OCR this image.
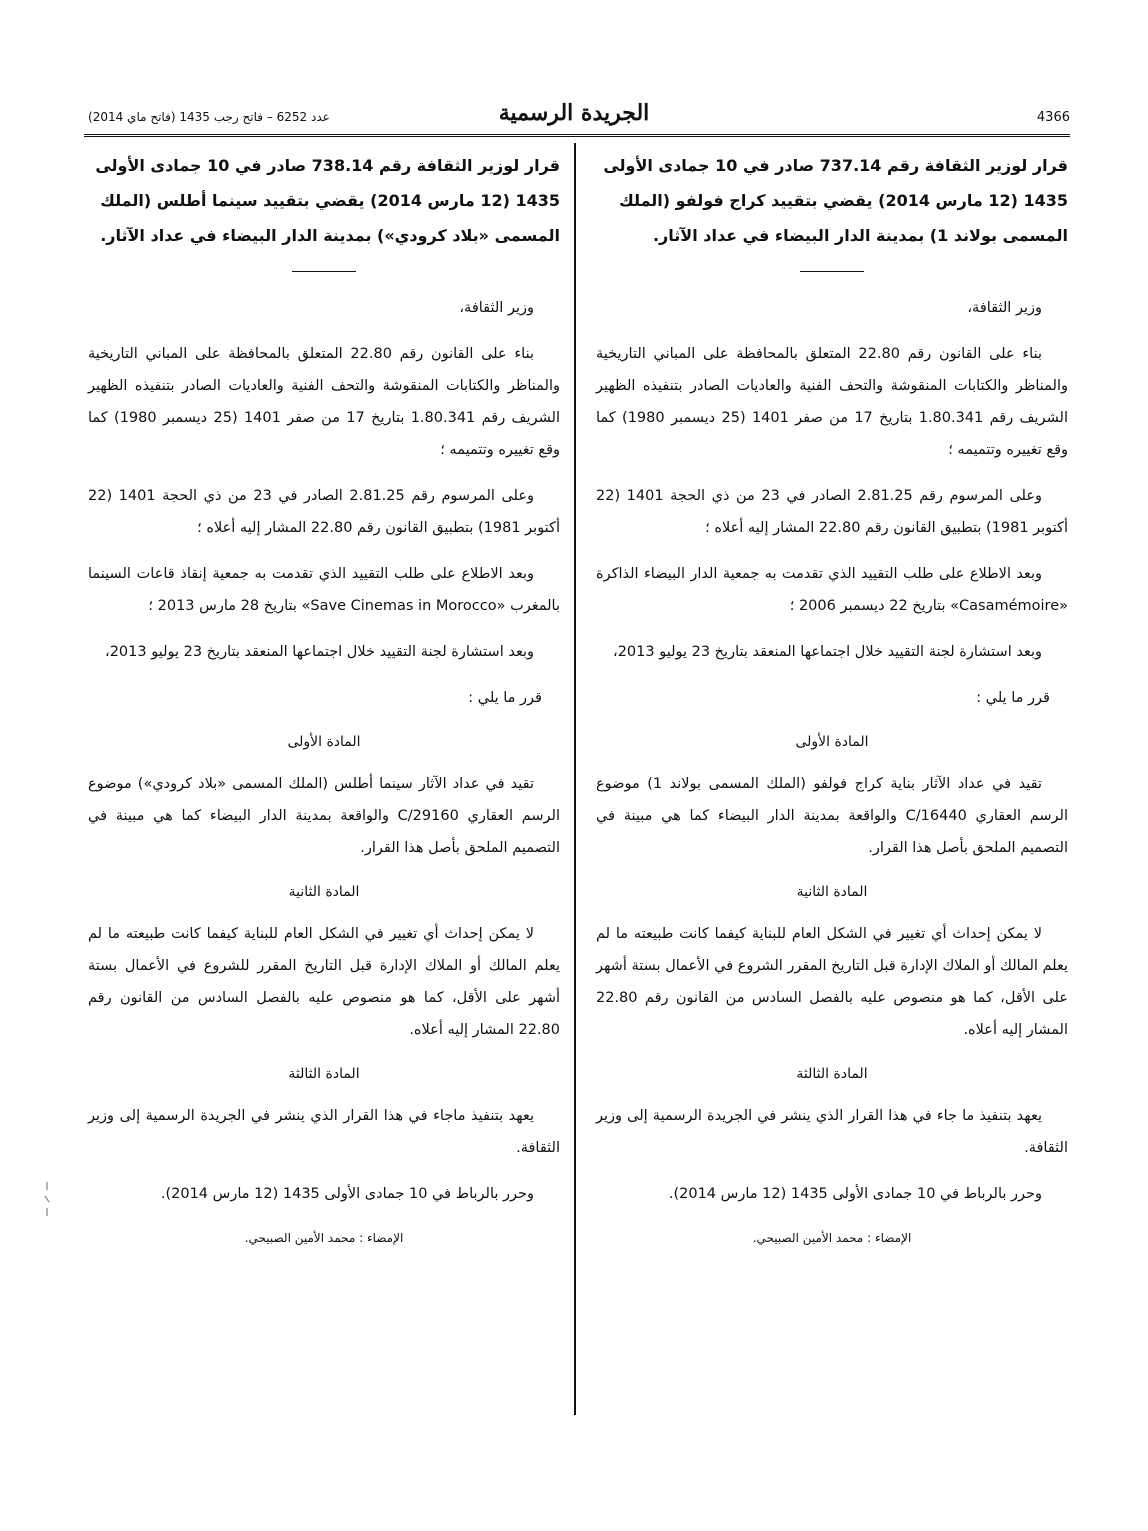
4366
الجريدة الرسمية
عدد 6252 – فاتح رجب 1435 (فاتح ماي 2014)
قرار لوزير الثقافة رقم 737.14 صادر في 10 جمادى الأولى 1435 (12 مارس 2014) يقضي بتقييد كراج فولفو (الملك المسمى بولاند 1) بمدينة الدار البيضاء في عداد الآثار.

وزير الثقافة،

بناء على القانون رقم 22.80 المتعلق بالمحافظة على المباني التاريخية والمناظر والكتابات المنقوشة والتحف الفنية والعاديات الصادر بتنفيذه الظهير الشريف رقم 1.80.341 بتاريخ 17 من صفر 1401 (25 ديسمبر 1980) كما وقع تغييره وتتميمه ؛

وعلى المرسوم رقم 2.81.25 الصادر في 23 من ذي الحجة 1401 (22 أكتوبر 1981) بتطبيق القانون رقم 22.80 المشار إليه أعلاه ؛

وبعد الاطلاع على طلب التقييد الذي تقدمت به جمعية الدار البيضاء الذاكرة «Casamémoire» بتاريخ 22 ديسمبر 2006 ؛

وبعد استشارة لجنة التقييد خلال اجتماعها المنعقد بتاريخ 23 يوليو 2013،

قرر ما يلي :

المادة الأولى

تقيد في عداد الآثار بناية كراج فولفو (الملك المسمى بولاند 1) موضوع الرسم العقاري C/16440 والواقعة بمدينة الدار البيضاء كما هي مبينة في التصميم الملحق بأصل هذا القرار.

المادة الثانية

لا يمكن إحداث أي تغيير في الشكل العام للبناية كيفما كانت طبيعته ما لم يعلم المالك أو الملاك الإدارة قبل التاريخ المقرر الشروع في الأعمال بستة أشهر على الأقل، كما هو منصوص عليه بالفصل السادس من القانون رقم 22.80 المشار إليه أعلاه.

المادة الثالثة

يعهد بتنفيذ ما جاء في هذا القرار الذي ينشر في الجريدة الرسمية إلى وزير الثقافة.

وحرر بالرباط في 10 جمادى الأولى 1435 (12 مارس 2014).

الإمضاء : محمد الأمين الصبيحي.
قرار لوزير الثقافة رقم 738.14 صادر في 10 جمادى الأولى 1435 (12 مارس 2014) يقضي بتقييد سينما أطلس (الملك المسمى «بلاد كرودي») بمدينة الدار البيضاء في عداد الآثار.

وزير الثقافة،

بناء على القانون رقم 22.80 المتعلق بالمحافظة على المباني التاريخية والمناظر والكتابات المنقوشة والتحف الفنية والعاديات الصادر بتنفيذه الظهير الشريف رقم 1.80.341 بتاريخ 17 من صفر 1401 (25 ديسمبر 1980) كما وقع تغييره وتتميمه ؛

وعلى المرسوم رقم 2.81.25 الصادر في 23 من ذي الحجة 1401 (22 أكتوبر 1981) بتطبيق القانون رقم 22.80 المشار إليه أعلاه ؛

وبعد الاطلاع على طلب التقييد الذي تقدمت به جمعية إنقاذ قاعات السينما بالمغرب «Save Cinemas in Morocco» بتاريخ 28 مارس 2013 ؛

وبعد استشارة لجنة التقييد خلال اجتماعها المنعقد بتاريخ 23 يوليو 2013،

قرر ما يلي :

المادة الأولى

تقيد في عداد الآثار سينما أطلس (الملك المسمى «بلاد كرودي») موضوع الرسم العقاري C/29160 والواقعة بمدينة الدار البيضاء كما هي مبينة في التصميم الملحق بأصل هذا القرار.

المادة الثانية

لا يمكن إحداث أي تغيير في الشكل العام للبناية كيفما كانت طبيعته ما لم يعلم المالك أو الملاك الإدارة قبل التاريخ المقرر للشروع في الأعمال بستة أشهر على الأقل، كما هو منصوص عليه بالفصل السادس من القانون رقم 22.80 المشار إليه أعلاه.

المادة الثالثة

يعهد بتنفيذ ماجاء في هذا القرار الذي ينشر في الجريدة الرسمية إلى وزير الثقافة.

وحرر بالرباط في 10 جمادى الأولى 1435 (12 مارس 2014).

الإمضاء : محمد الأمين الصبيحي.
